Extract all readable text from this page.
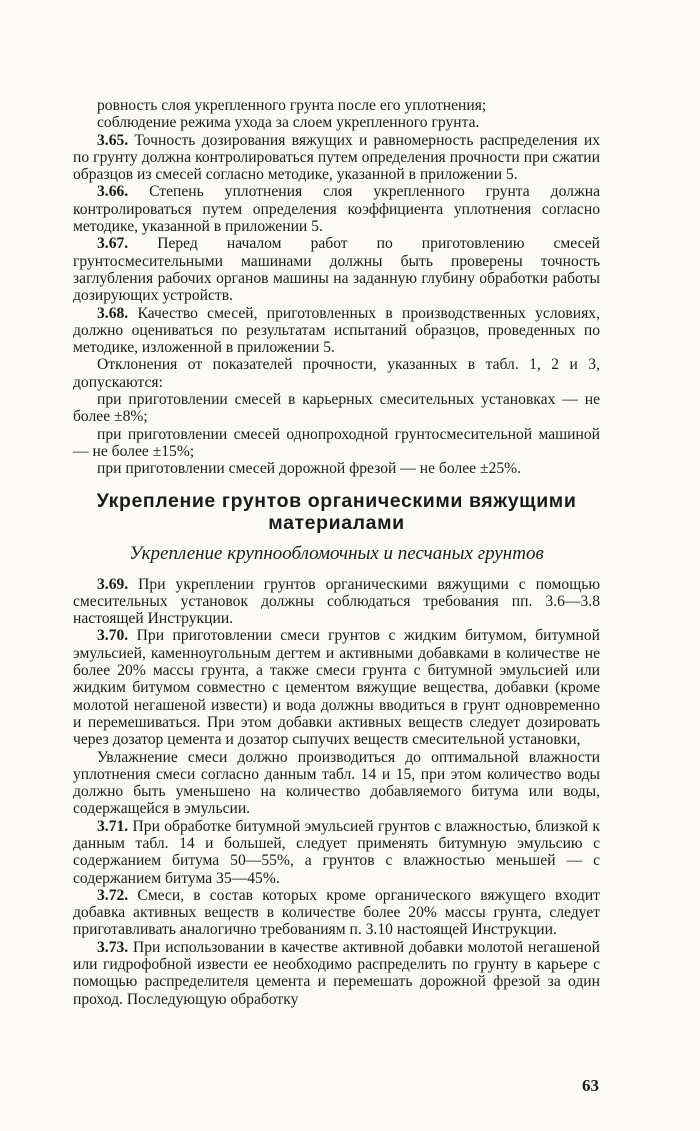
ровность слоя укрепленного грунта после его уплотнения;

соблюдение режима ухода за слоем укрепленного грунта.

3.65. Точность дозирования вяжущих и равномерность распределения их по грунту должна контролироваться путем определения прочности при сжатии образцов из смесей согласно методике, указанной в приложении 5.

3.66. Степень уплотнения слоя укрепленного грунта должна контролироваться путем определения коэффициента уплотнения согласно методике, указанной в приложении 5.

3.67. Перед началом работ по приготовлению смесей грунтосмесительными машинами должны быть проверены точность заглубления рабочих органов машины на заданную глубину обработки работы дозирующих устройств.

3.68. Качество смесей, приготовленных в производственных условиях, должно оцениваться по результатам испытаний образцов, проведенных по методике, изложенной в приложении 5.

Отклонения от показателей прочности, указанных в табл. 1, 2 и 3, допускаются:

при приготовлении смесей в карьерных смесительных установках — не более ±8%;

при приготовлении смесей однопроходной грунтосмесительной машиной — не более ±15%;

при приготовлении смесей дорожной фрезой — не более ±25%.

Укрепление грунтов органическими вяжущими материалами
Укрепление крупнообломочных и песчаных грунтов

3.69. При укреплении грунтов органическими вяжущими с помощью смесительных установок должны соблюдаться требования пп. 3.6—3.8 настоящей Инструкции.

3.70. При приготовлении смеси грунтов с жидким битумом, битумной эмульсией, каменноугольным дегтем и активными добавками в количестве не более 20% массы грунта, а также смеси грунта с битумной эмульсией или жидким битумом совместно с цементом вяжущие вещества, добавки (кроме молотой негашеной извести) и вода должны вводиться в грунт одновременно и перемешиваться. При этом добавки активных веществ следует дозировать через дозатор цемента и дозатор сыпучих веществ смесительной установки,

Увлажнение смеси должно производиться до оптимальной влажности уплотнения смеси согласно данным табл. 14 и 15, при этом количество воды должно быть уменьшено на количество добавляемого битума или воды, содержащейся в эмульсии.

3.71. При обработке битумной эмульсией грунтов с влажностью, близкой к данным табл. 14 и большей, следует применять битумную эмульсию с содержанием битума 50—55%, а грунтов с влажностью меньшей — с содержанием битума 35—45%.

3.72. Смеси, в состав которых кроме органического вяжущего входит добавка активных веществ в количестве более 20% массы грунта, следует приготавливать аналогично требованиям п. 3.10 настоящей Инструкции.

3.73. При использовании в качестве активной добавки молотой негашеной или гидрофобной извести ее необходимо распределить по грунту в карьере с помощью распределителя цемента и перемешать дорожной фрезой за один проход. Последующую обработку

63
